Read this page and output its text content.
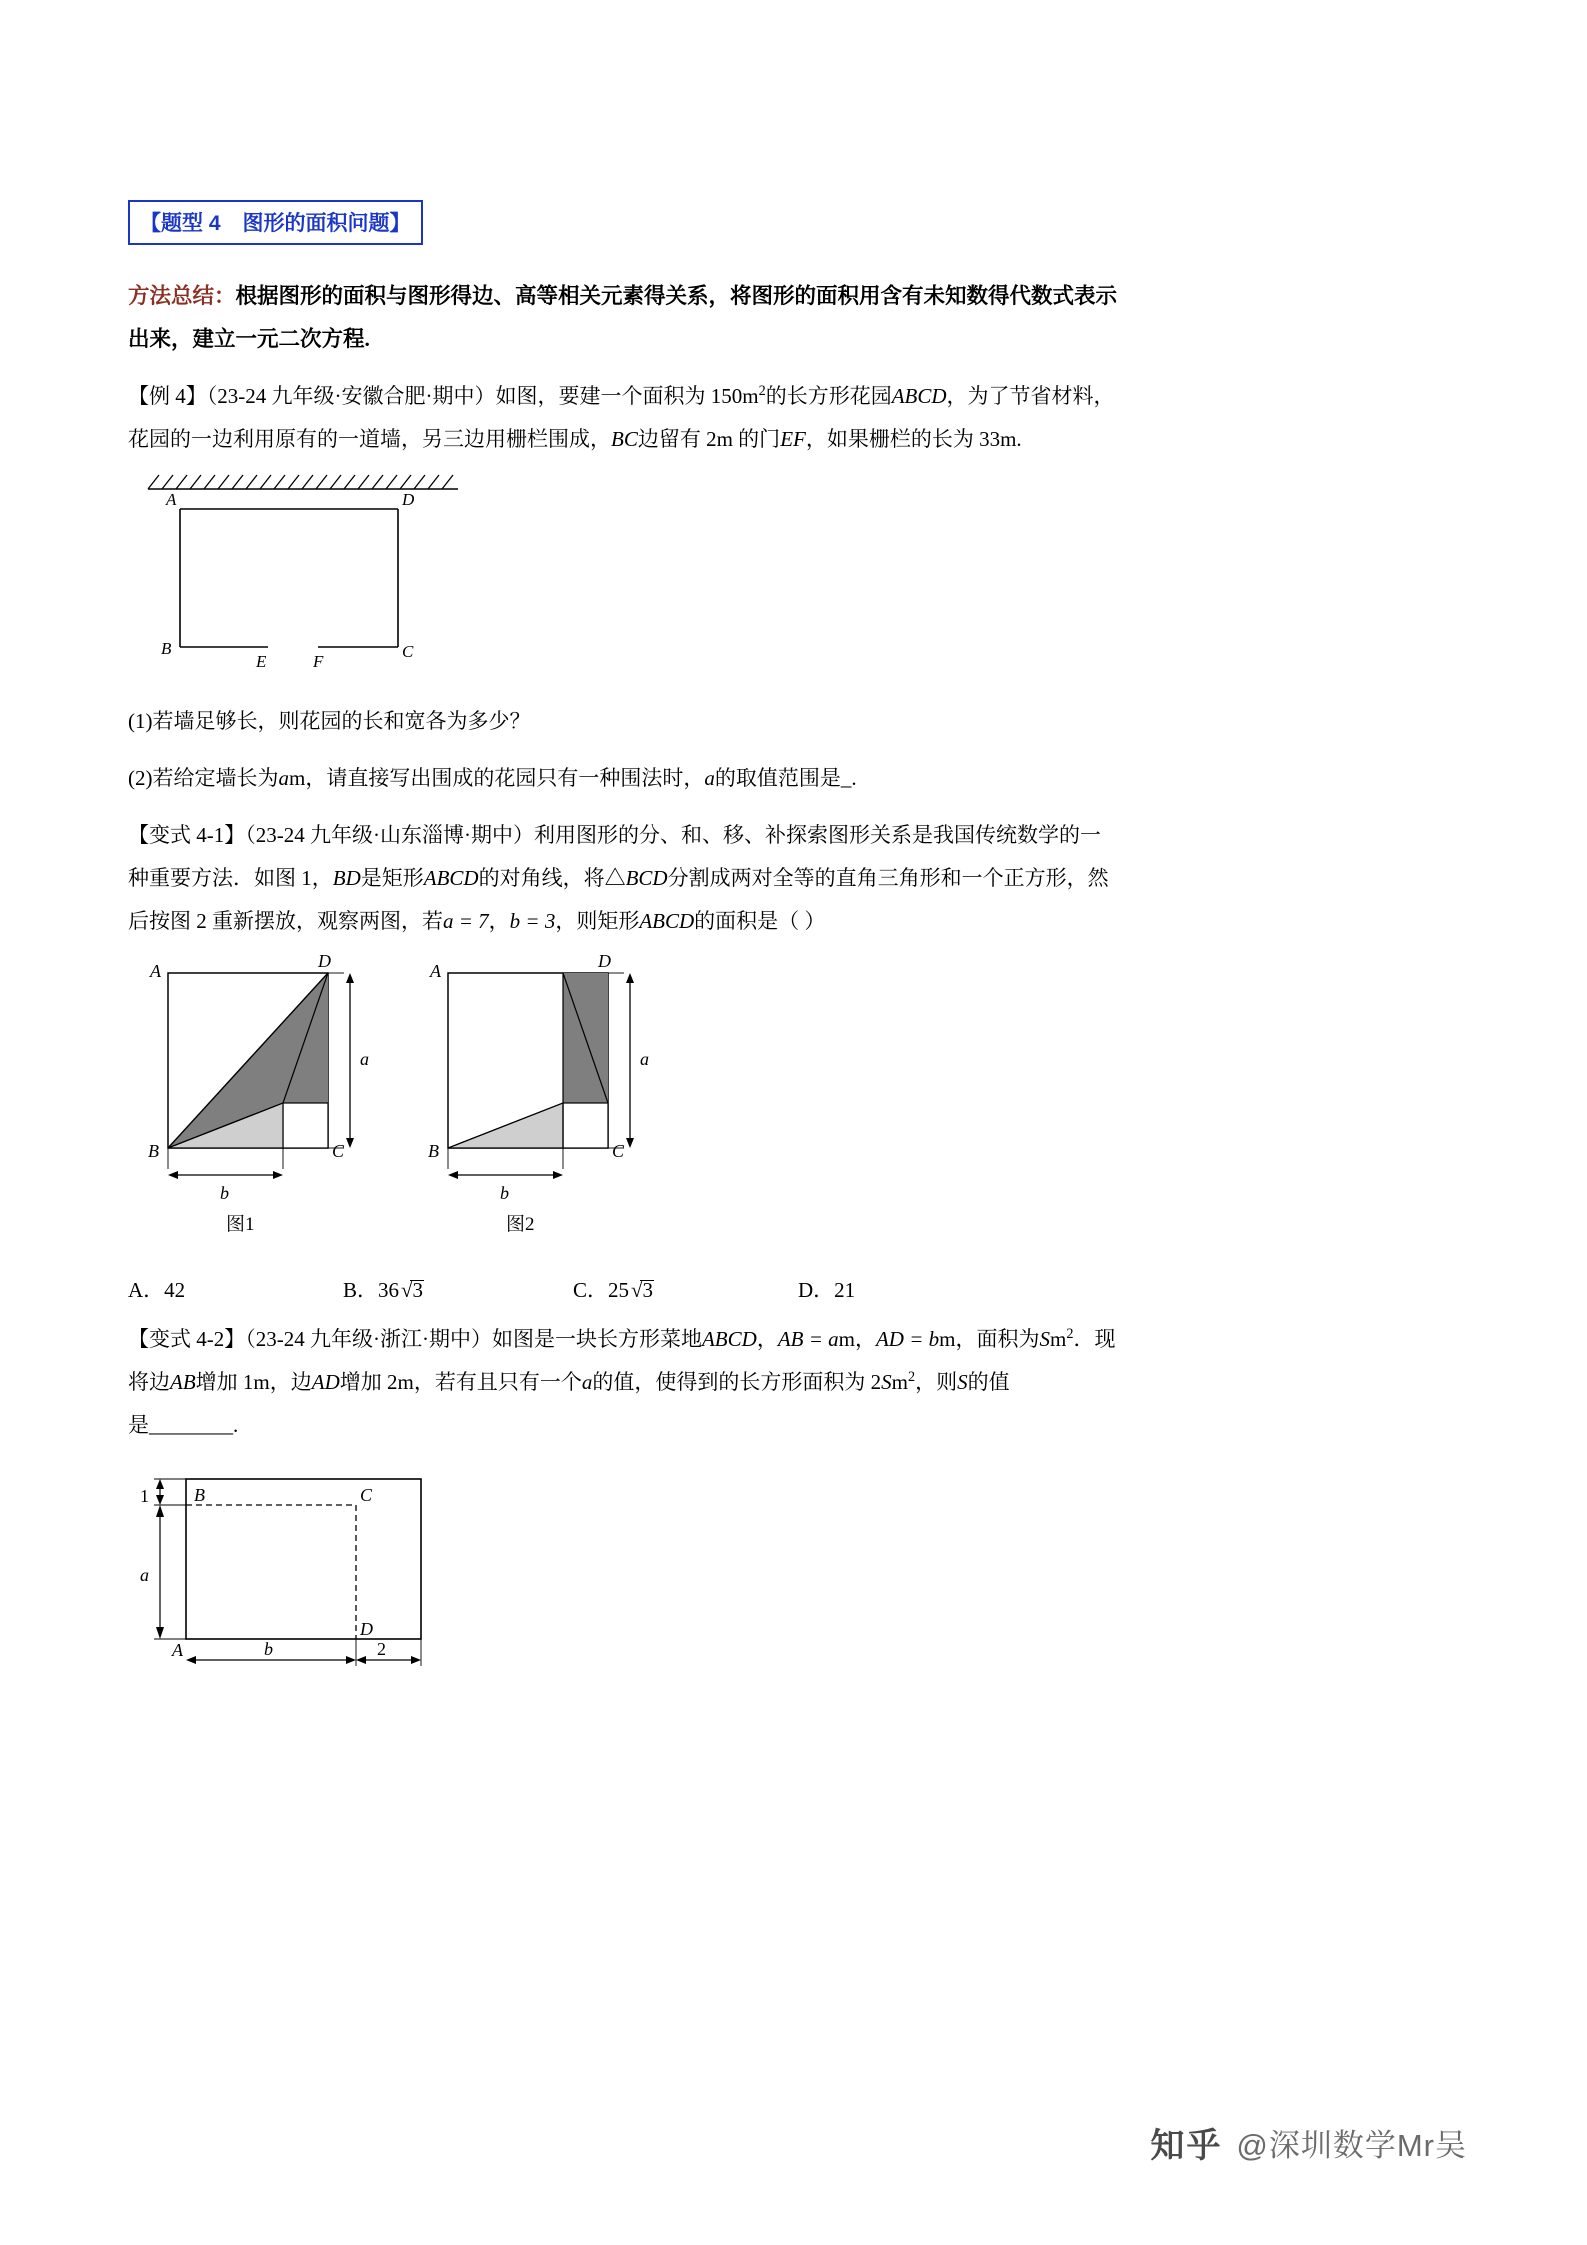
【题型 4 图形的面积问题】
方法总结：根据图形的面积与图形得边、高等相关元素得关系，将图形的面积用含有未知数得代数式表示
出来，建立一元二次方程.

【例 4】（23-24 九年级·安徽合肥·期中）如图，要建一个面积为 $150m^2$的长方形花园ABCD，为了节省材料，
花园的一边利用原有的一道墙，另三边用栅栏围成，BC边留有 2m 的门EF，如果栅栏的长为 33m.

A	D
B
E	F
C

(1)若墙足够长，则花园的长和宽各为多少？

(2)若给定墙长为am，请直接写出围成的花园只有一种围法时，a的取值范围是_.

【变式 4-1】（23-24 九年级·山东淄博·期中）利用图形的分、和、移、补探索图形关系是我国传统数学的一
种重要方法．如图 1，BD是矩形ABCD的对角线，将△BCD分割成两对全等的直角三角形和一个正方形，然
后按图 2 重新摆放，观察两图，若a = 7，b = 3，则矩形ABCD的面积是（ ）

a
b
A	D
B	C
图1
a
b
A	D
B	C
图2
A．42	B．36√
3	C．25√
3	D．21

【变式 4-2】（23-24 九年级·浙江·期中）如图是一块长方形菜地ABCD，AB = am，AD = bm，面积为Sm$^2$．现
将边AB增加 1m，边AD增加 2m，若有且只有一个a的值，使得到的长方形面积为 2Sm$^2$，则S的值
是________.

1
a
b	2
B	C
D
A
知乎 @深圳数学Mr吴
